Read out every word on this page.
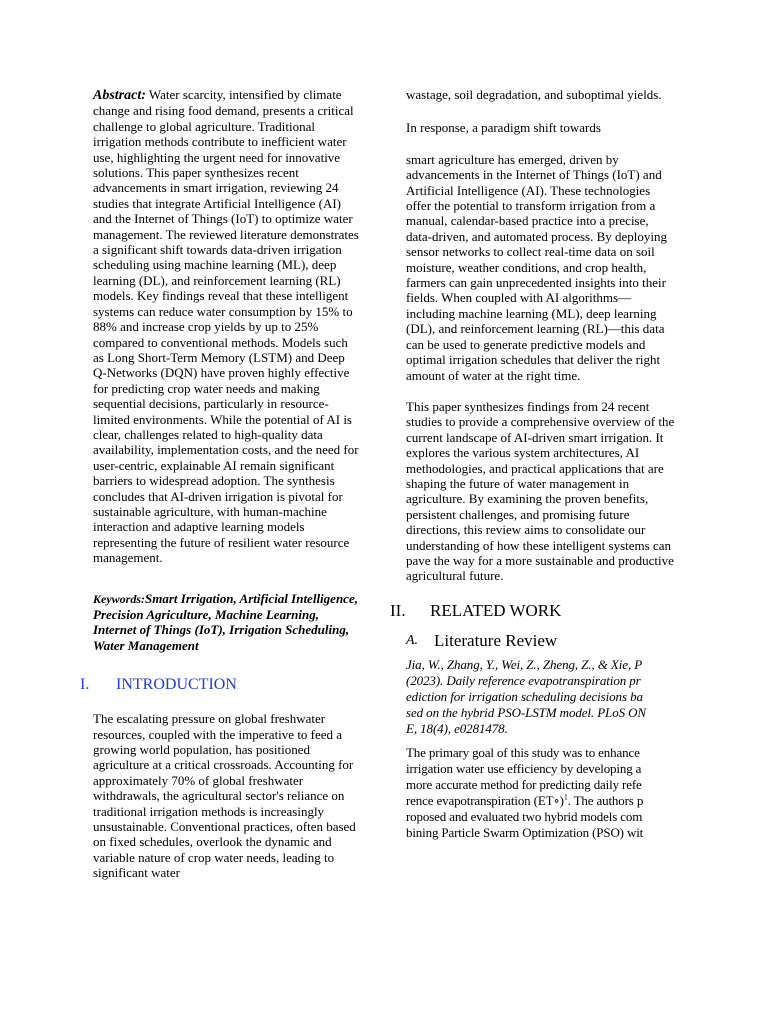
Abstract: Water scarcity, intensified by climate change and rising food demand, presents a critical challenge to global agriculture. Traditional irrigation methods contribute to inefficient water use, highlighting the urgent need for innovative solutions. This paper synthesizes recent advancements in smart irrigation, reviewing 24 studies that integrate Artificial Intelligence (AI) and the Internet of Things (IoT) to optimize water management. The reviewed literature demonstrates a significant shift towards data-driven irrigation scheduling using machine learning (ML), deep learning (DL), and reinforcement learning (RL) models. Key findings reveal that these intelligent systems can reduce water consumption by 15% to 88% and increase crop yields by up to 25% compared to conventional methods. Models such as Long Short-Term Memory (LSTM) and Deep Q-Networks (DQN) have proven highly effective for predicting crop water needs and making sequential decisions, particularly in resource-limited environments. While the potential of AI is clear, challenges related to high-quality data availability, implementation costs, and the need for user-centric, explainable AI remain significant barriers to widespread adoption. The synthesis concludes that AI-driven irrigation is pivotal for sustainable agriculture, with human-machine interaction and adaptive learning models representing the future of resilient water resource management.

Keywords:Smart Irrigation, Artificial Intelligence, Precision Agriculture, Machine Learning, Internet of Things (IoT), Irrigation Scheduling, Water Management

I.	INTRODUCTION

The escalating pressure on global freshwater resources, coupled with the imperative to feed a growing world population, has positioned agriculture at a critical crossroads. Accounting for approximately 70% of global freshwater withdrawals, the agricultural sector's reliance on traditional irrigation methods is increasingly unsustainable. Conventional practices, often based on fixed schedules, overlook the dynamic and variable nature of crop water needs, leading to significant water

wastage, soil degradation, and suboptimal yields.

In response, a paradigm shift towards

smart agriculture has emerged, driven by advancements in the Internet of Things (IoT) and Artificial Intelligence (AI). These technologies offer the potential to transform irrigation from a manual, calendar-based practice into a precise, data-driven, and automated process. By deploying sensor networks to collect real-time data on soil moisture, weather conditions, and crop health, farmers can gain unprecedented insights into their fields. When coupled with AI algorithms—including machine learning (ML), deep learning (DL), and reinforcement learning (RL)—this data can be used to generate predictive models and optimal irrigation schedules that deliver the right amount of water at the right time.

This paper synthesizes findings from 24 recent studies to provide a comprehensive overview of the current landscape of AI-driven smart irrigation. It explores the various system architectures, AI methodologies, and practical applications that are shaping the future of water management in agriculture. By examining the proven benefits, persistent challenges, and promising future directions, this review aims to consolidate our understanding of how these intelligent systems can pave the way for a more sustainable and productive agricultural future.

II.	RELATED WORK
A. Literature Review
Jia, W., Zhang, Y., Wei, Z., Zheng, Z., & Xie, P
(2023). Daily reference evapotranspiration pr
ediction for irrigation scheduling decisions ba
sed on the hybrid PSO-LSTM model. PLoS ON
E, 18(4), e0281478.
The primary goal of this study was to enhance
irrigation water use efficiency by developing a
more accurate method for predicting daily refe
rence evapotranspiration (ET∘)$^1$. The authors p
roposed and evaluated two hybrid models com
bining Particle Swarm Optimization (PSO) wit
